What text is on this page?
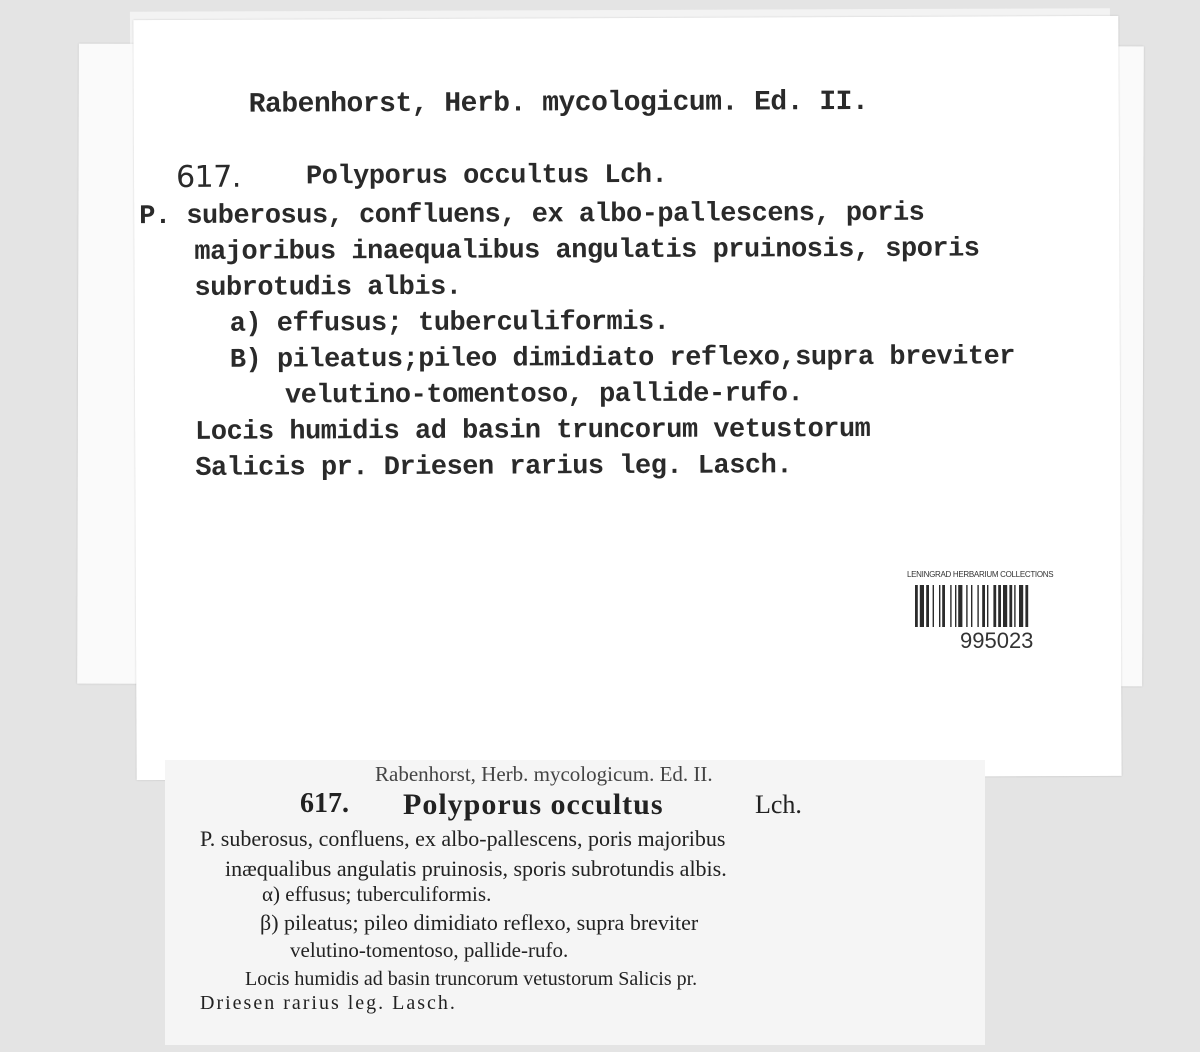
Rabenhorst, Herb. mycologicum. Ed. II.
617. Polyporus occultus Lch.
P. suberosus, confluens, ex albo-pallescens, poris
majoribus inaequalibus angulatis pruinosis, sporis
subrotudis albis.
a) effusus; tuberculiformis.
B) pileatus;pileo dimidiato reflexo,supra breviter
velutino-tomentoso, pallide-rufo.
Locis humidis ad basin truncorum vetustorum
Salicis pr. Driesen rarius leg. Lasch.
LENINGRAD HERBARIUM COLLECTIONS
995023
Rabenhorst, Herb. mycologicum. Ed. II.
617. Polyporus occultus	Lch.
P. suberosus, confluens, ex albo-pallescens, poris majoribus
inæqualibus angulatis pruinosis, sporis subrotundis albis.
α) effusus; tuberculiformis.
β) pileatus; pileo dimidiato reflexo, supra breviter
velutino-tomentoso, pallide-rufo.
Locis humidis ad basin truncorum vetustorum Salicis pr.
Driesen rarius leg. Lasch.
